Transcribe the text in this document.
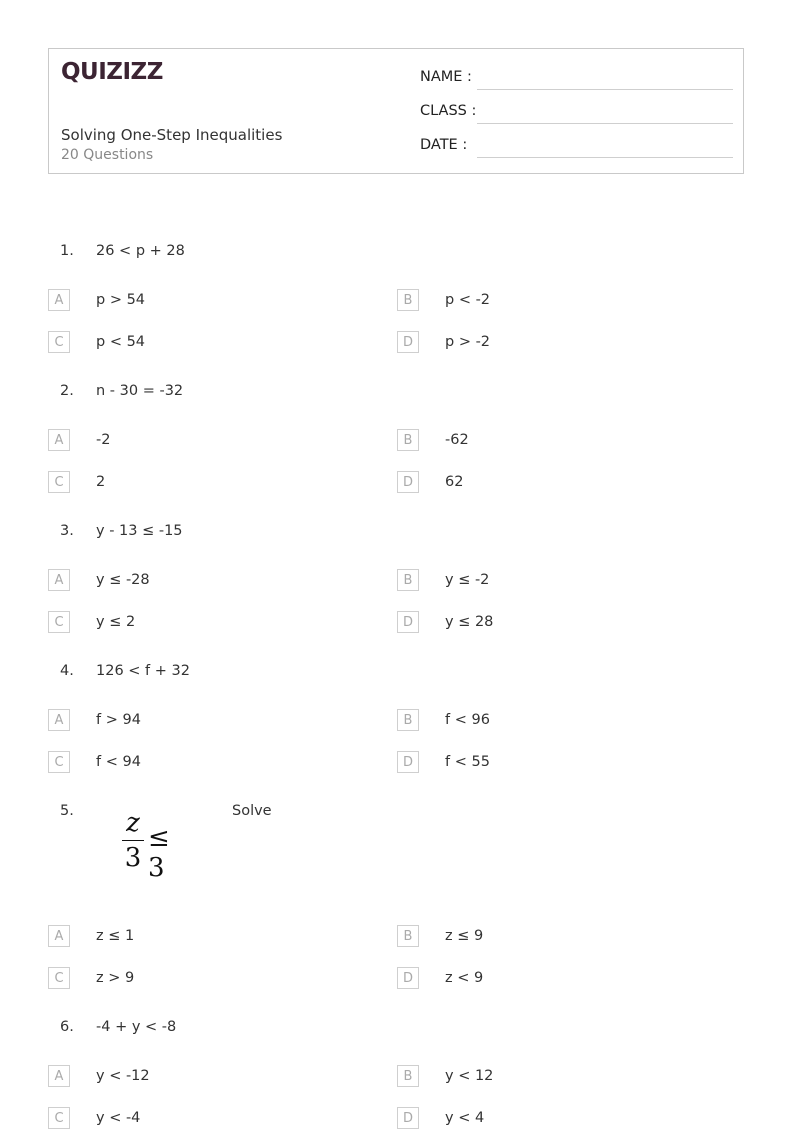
QUIZIZZ
Solving One-Step Inequalities
20 Questions
NAME :
CLASS :
DATE :
1. 26 < p + 28
A	p > 54	B	p < -2
C	p < 54	D	p > -2
2. n - 30 = -32
A	-2	B	-62
C	2	D	62
3. y - 13 ≤ -15
A	y ≤ -28	B	y ≤ -2
C	y ≤ 2	D	y ≤ 28
4. 126 < f + 32
A	f > 94	B	f < 96
C	f < 94	D	f < 55
5. z
3
≤ 3
Solve
A	z ≤ 1	B	z ≤ 9
C	z > 9	D	z < 9
6. -4 + y < -8
A	y < -12	B	y < 12
C	y < -4	D	y < 4
